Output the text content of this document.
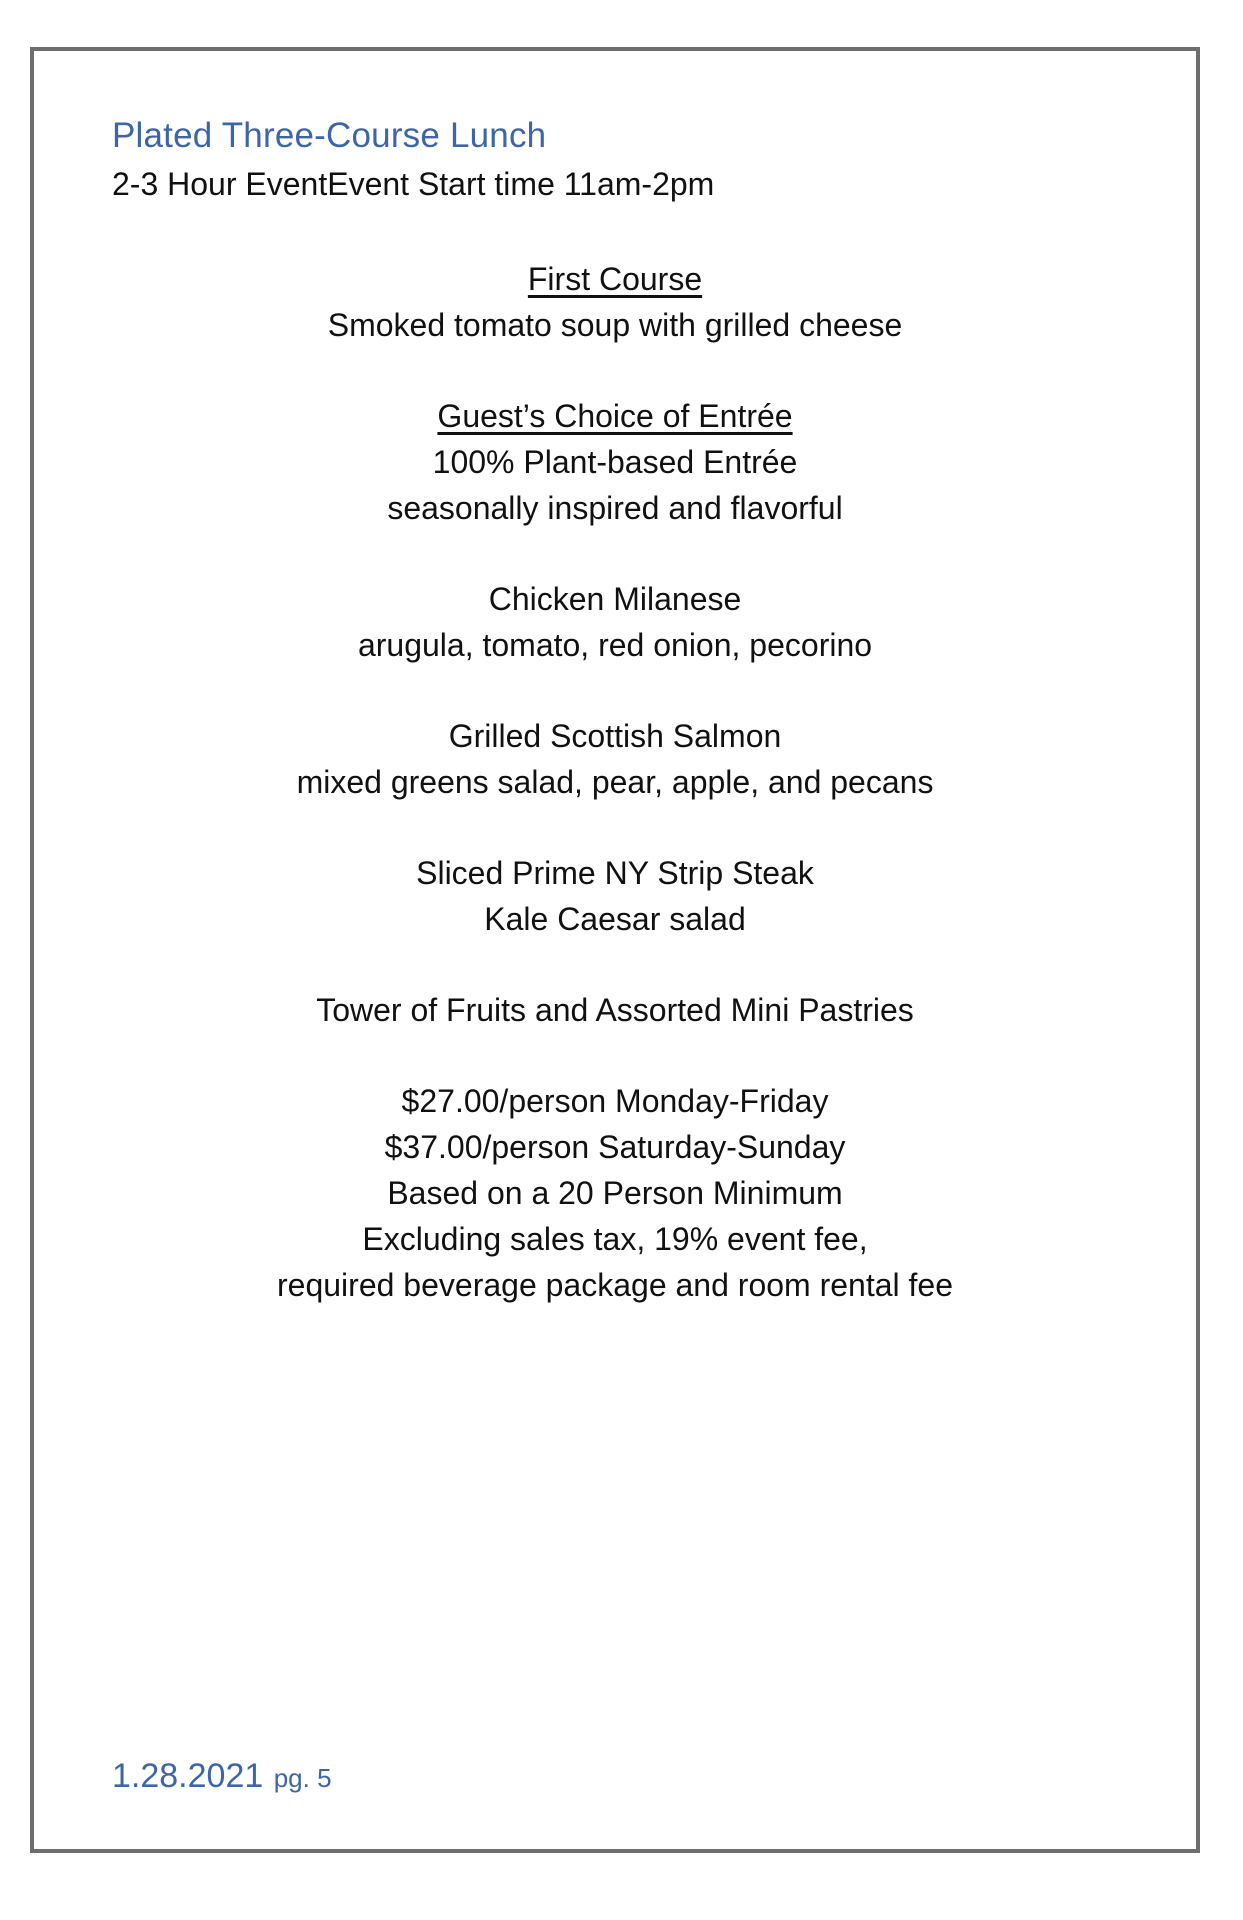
Plated Three-Course Lunch
2-3 Hour EventEvent Start time 11am-2pm
First Course
Smoked tomato soup with grilled cheese
Guest’s Choice of Entrée
100% Plant-based Entrée
seasonally inspired and flavorful
Chicken Milanese
arugula, tomato, red onion, pecorino
Grilled Scottish Salmon
mixed greens salad, pear, apple, and pecans
Sliced Prime NY Strip Steak
Kale Caesar salad
Tower of Fruits and Assorted Mini Pastries
$27.00/person Monday-Friday
$37.00/person Saturday-Sunday
Based on a 20 Person Minimum
Excluding sales tax, 19% event fee,
required beverage package and room rental fee
1.28.2021 pg. 5
